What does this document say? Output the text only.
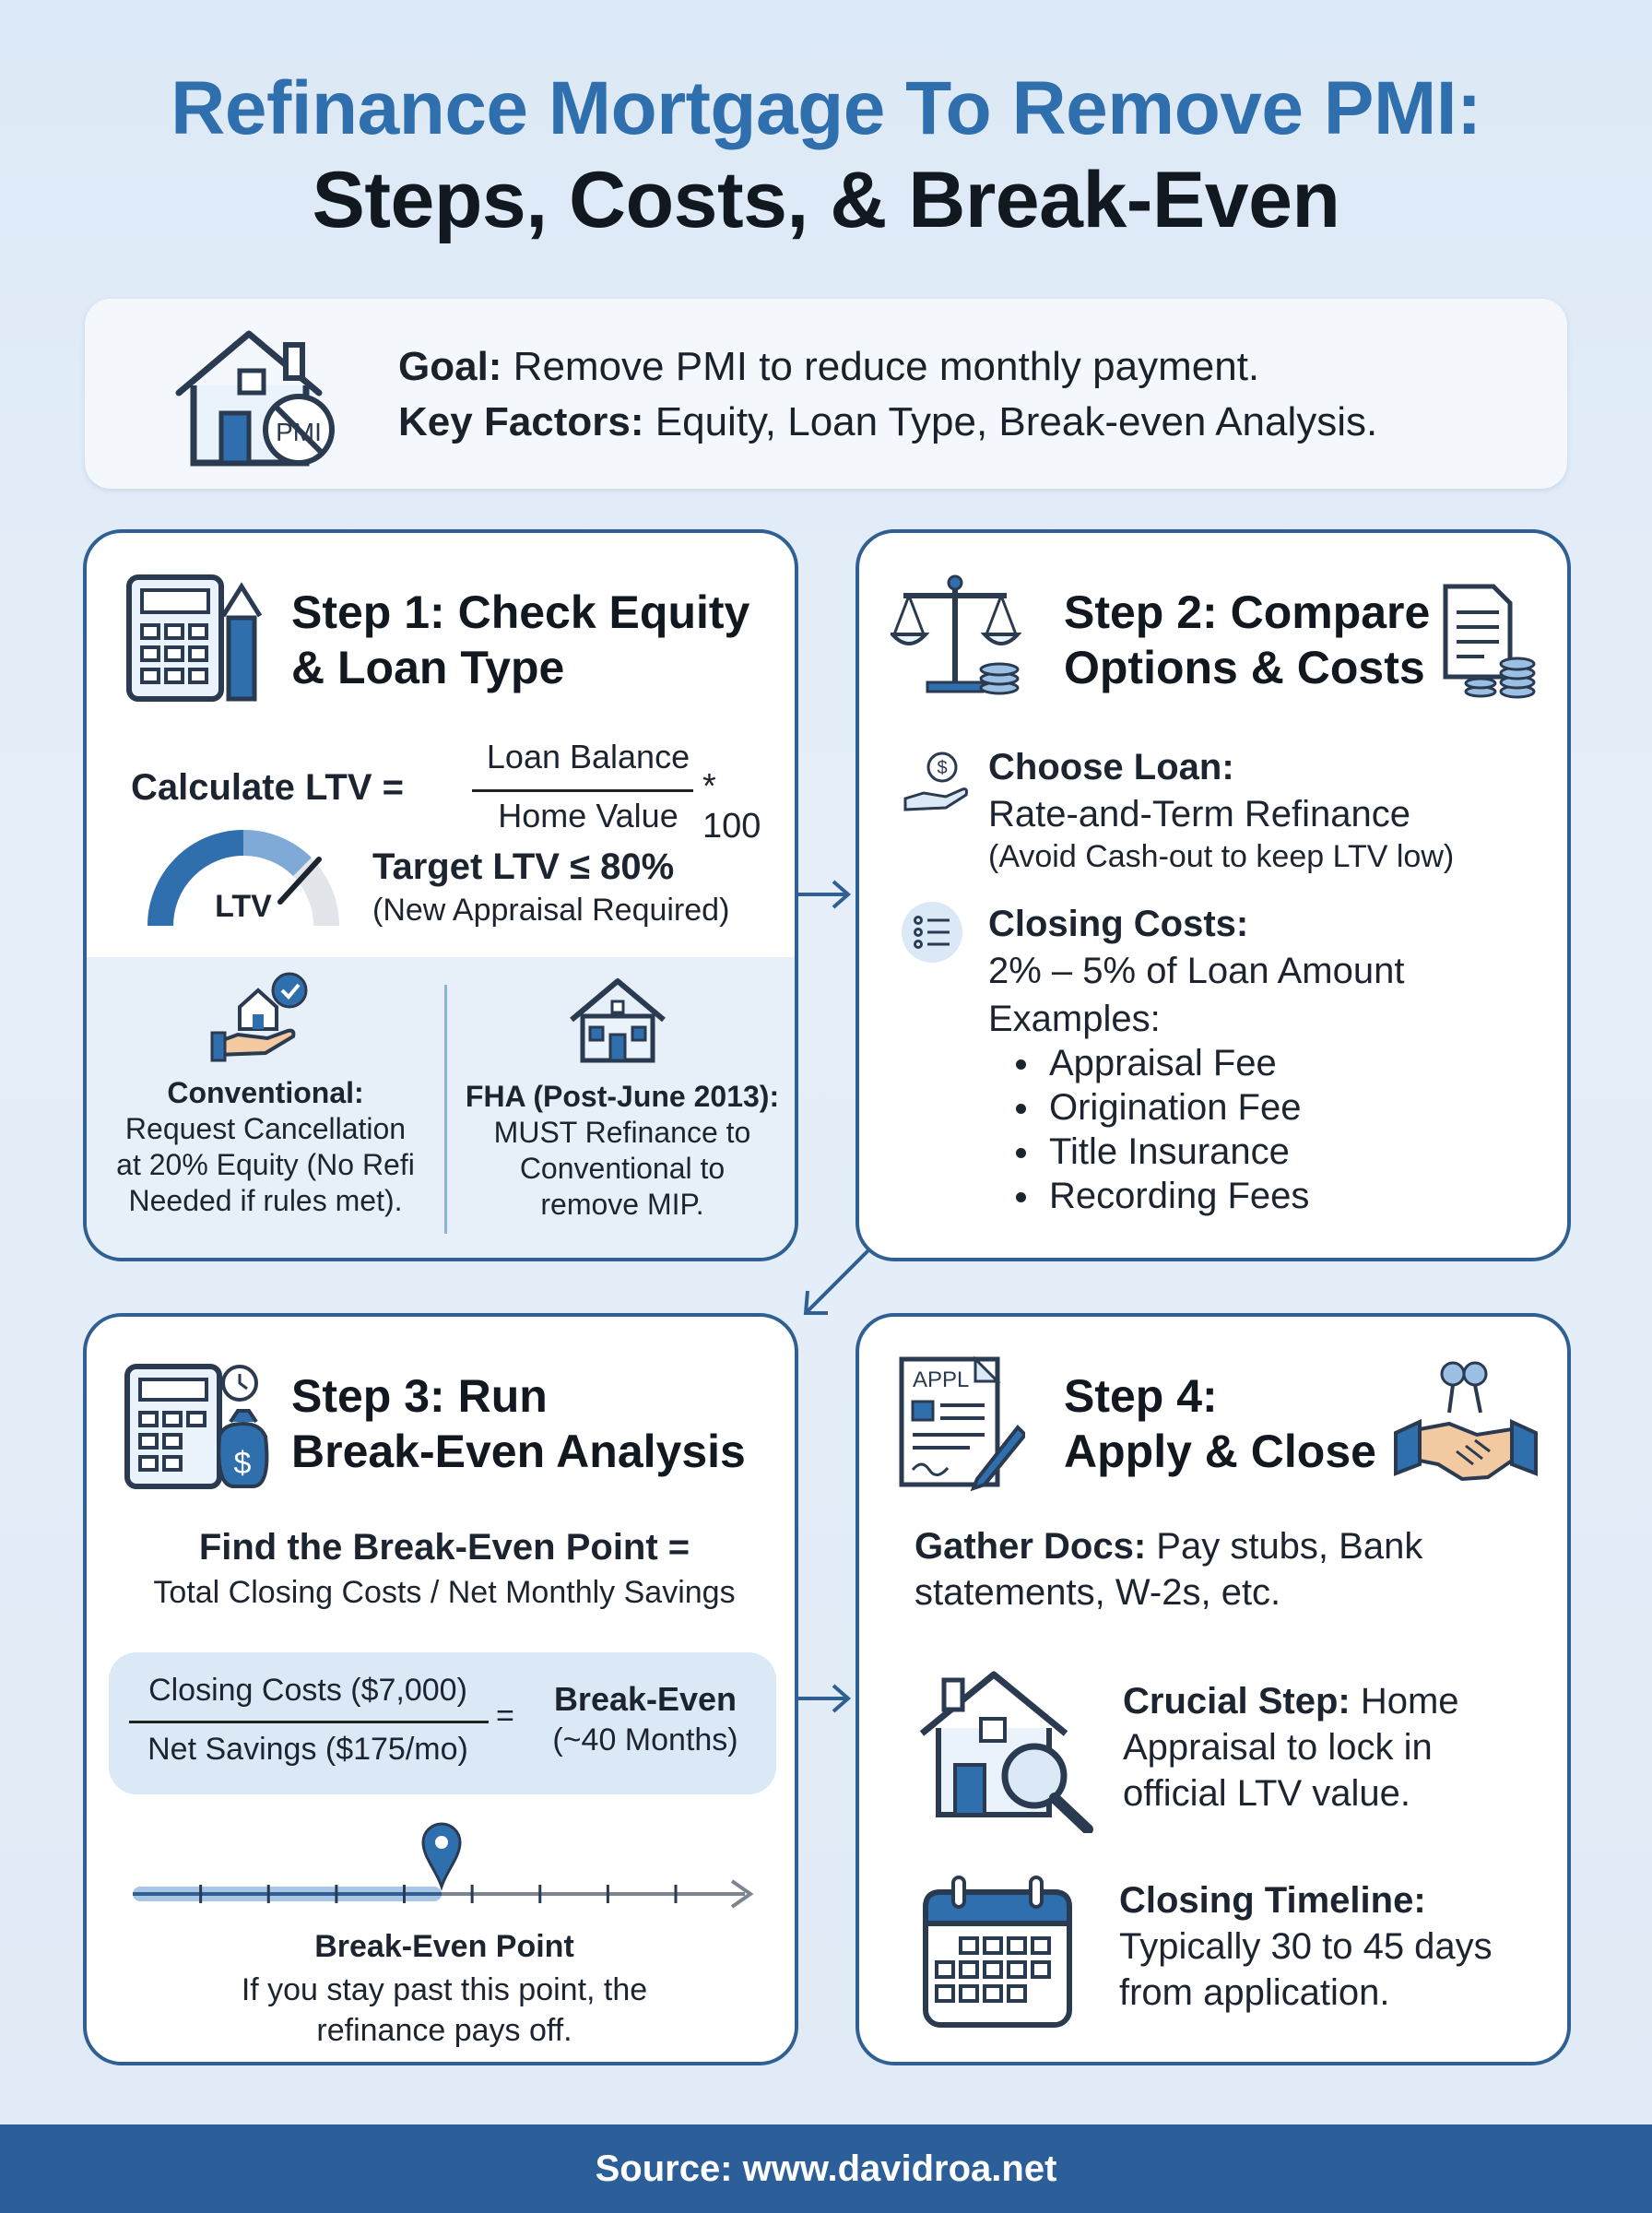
Refinance Mortgage To Remove PMI:
Steps, Costs, & Break-Even
PMI
Goal: Remove PMI to reduce monthly payment.
Key Factors: Equity, Loan Type, Break-even Analysis.
Step 1: Check Equity
& Loan Type
Calculate LTV =
Loan Balance
Home Value
* 100
LTV
Target LTV ≤ 80%
(New Appraisal Required)
Conventional:
Request Cancellation
at 20% Equity (No Refi
Needed if rules met).
FHA (Post-June 2013):
MUST Refinance to
Conventional to
remove MIP.
Step 2: Compare
Options & Costs
$ Choose Loan:
Rate-and-Term Refinance
(Avoid Cash-out to keep LTV low)
Closing Costs:
2% – 5% of Loan Amount
Examples:
Appraisal Fee
Origination Fee
Title Insurance
Recording Fees
$
Step 3: Run
Break-Even Analysis
Find the Break-Even Point =
Total Closing Costs / Net Monthly Savings
Closing Costs ($7,000)
Net Savings ($175/mo)
=	Break-Even
(~40 Months)
Break-Even Point
If you stay past this point, the
refinance pays off.
APPL Step 4:
Apply & Close
Gather Docs: Pay stubs, Bank
statements, W-2s, etc.
Crucial Step: Home
Appraisal to lock in
official LTV value.
Closing Timeline:
Typically 30 to 45 days
from application.
Source: www.davidroa.net
